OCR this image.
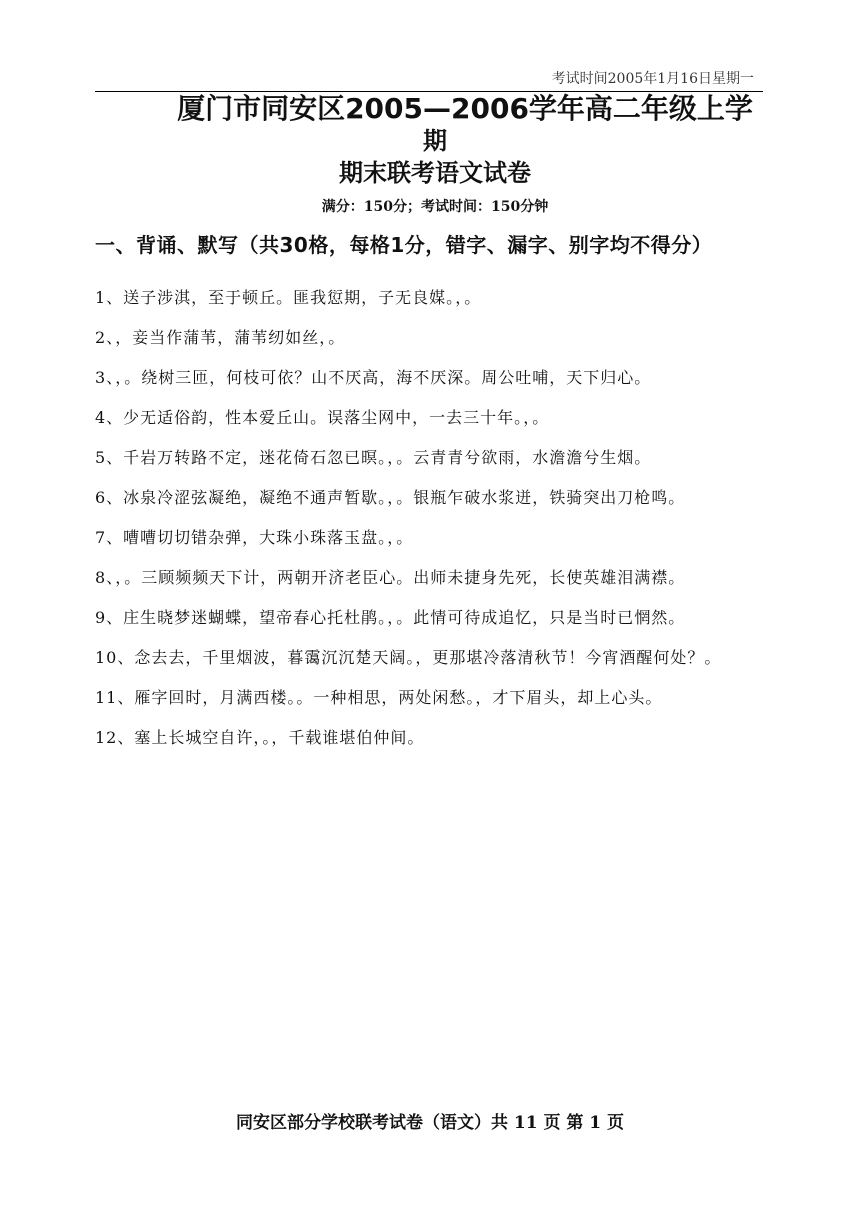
考试时间2005年1月16日星期一
厦门市同安区2005—2006学年高二年级上学
期
期末联考语文试卷
满分：150分；考试时间：150分钟
一、背诵、默写（共30格，每格1分，错字、漏字、别字均不得分）

1、送子涉淇，至于顿丘。匪我愆期，子无良媒。，。

2、，妾当作蒲苇，蒲苇纫如丝，。

3、，。绕树三匝，何枝可依？山不厌高，海不厌深。周公吐哺，天下归心。

4、少无适俗韵，性本爱丘山。误落尘网中，一去三十年。，。

5、千岩万转路不定，迷花倚石忽已暝。，。云青青兮欲雨，水澹澹兮生烟。

6、冰泉冷涩弦凝绝，凝绝不通声暂歇。，。银瓶乍破水浆迸，铁骑突出刀枪鸣。

7、嘈嘈切切错杂弹，大珠小珠落玉盘。，。

8、，。三顾频频天下计，两朝开济老臣心。出师未捷身先死，长使英雄泪满襟。

9、庄生晓梦迷蝴蝶，望帝春心托杜鹃。，。此情可待成追忆，只是当时已惘然。

10、念去去，千里烟波，暮霭沉沉楚天阔。，更那堪冷落清秋节！今宵酒醒何处？。

11、雁字回时，月满西楼。。一种相思，两处闲愁。，才下眉头，却上心头。

12、塞上长城空自许，。，千载谁堪伯仲间。

同安区部分学校联考试卷（语文）共 11 页 第 1 页
